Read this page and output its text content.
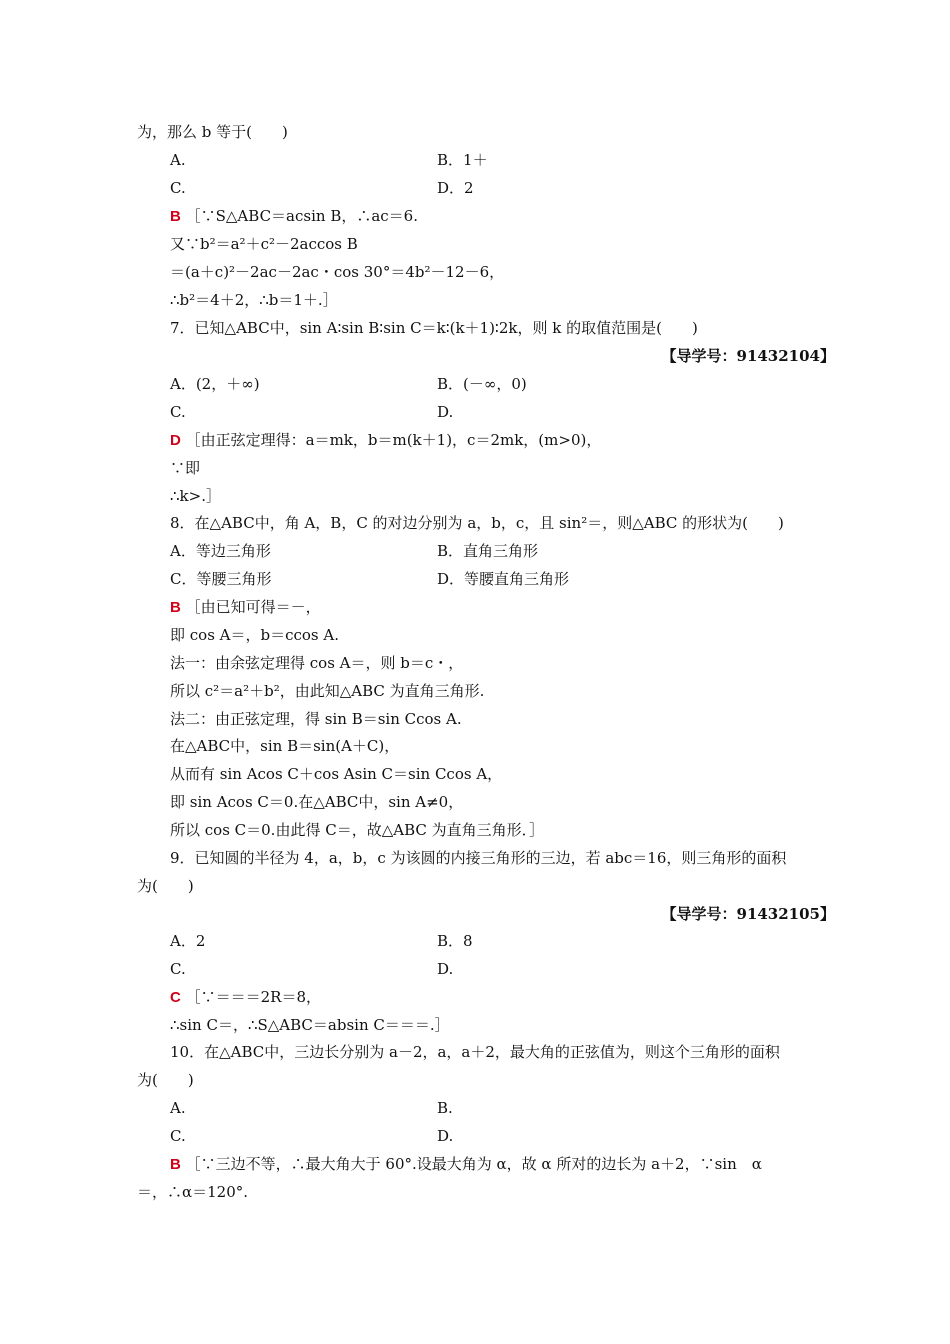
为，那么 b 等于(　　)
A.	B．1＋
C.	D．2
B ［∵S△ABC＝acsin B，∴ac＝6.
又∵b²＝a²＋c²－2accos B
＝(a＋c)²－2ac－2ac・cos 30°＝4b²－12－6，
∴b²＝4＋2，∴b＝1＋.］
7．已知△ABC中，sin A∶sin B∶sin C＝k∶(k＋1)∶2k，则 k 的取值范围是(　　)
A．(2，＋∞)	B．(－∞，0)
C.	D.
D ［由正弦定理得：a＝mk，b＝m(k＋1)，c＝2mk，(m>0)，
∵即
∴k>.］
8．在△ABC中，角 A，B，C 的对边分别为 a，b，c，且 sin²＝，则△ABC 的形状为(　　)
A．等边三角形	B．直角三角形
C．等腰三角形	D．等腰直角三角形
B ［由已知可得＝－，
即 cos A＝，b＝ccos A.
法一：由余弦定理得 cos A＝，则 b＝c・，
所以 c²＝a²＋b²，由此知△ABC 为直角三角形.
法二：由正弦定理，得 sin B＝sin Ccos A.
在△ABC中，sin B＝sin(A＋C)，
从而有 sin Acos C＋cos Asin C＝sin Ccos A，
即 sin Acos C＝0.在△ABC中，sin A≠0，
所以 cos C＝0.由此得 C＝，故△ABC 为直角三角形．］
9．已知圆的半径为 4，a，b，c 为该圆的内接三角形的三边，若 abc＝16，则三角形的面积
为(　　)
A．2	B．8
C.	D.
C ［∵＝＝＝2R＝8，
∴sin C＝，∴S△ABC＝absin C＝＝＝.］
10．在△ABC中，三边长分别为 a－2，a，a＋2，最大角的正弦值为，则这个三角形的面积
为(　　)
A.	B.
C.	D.
B ［∵三边不等，∴最大角大于 60°.设最大角为 α，故 α 所对的边长为 a＋2，∵sin　α
＝，∴α＝120°.
【导学号：91432104】
【导学号：91432105】
